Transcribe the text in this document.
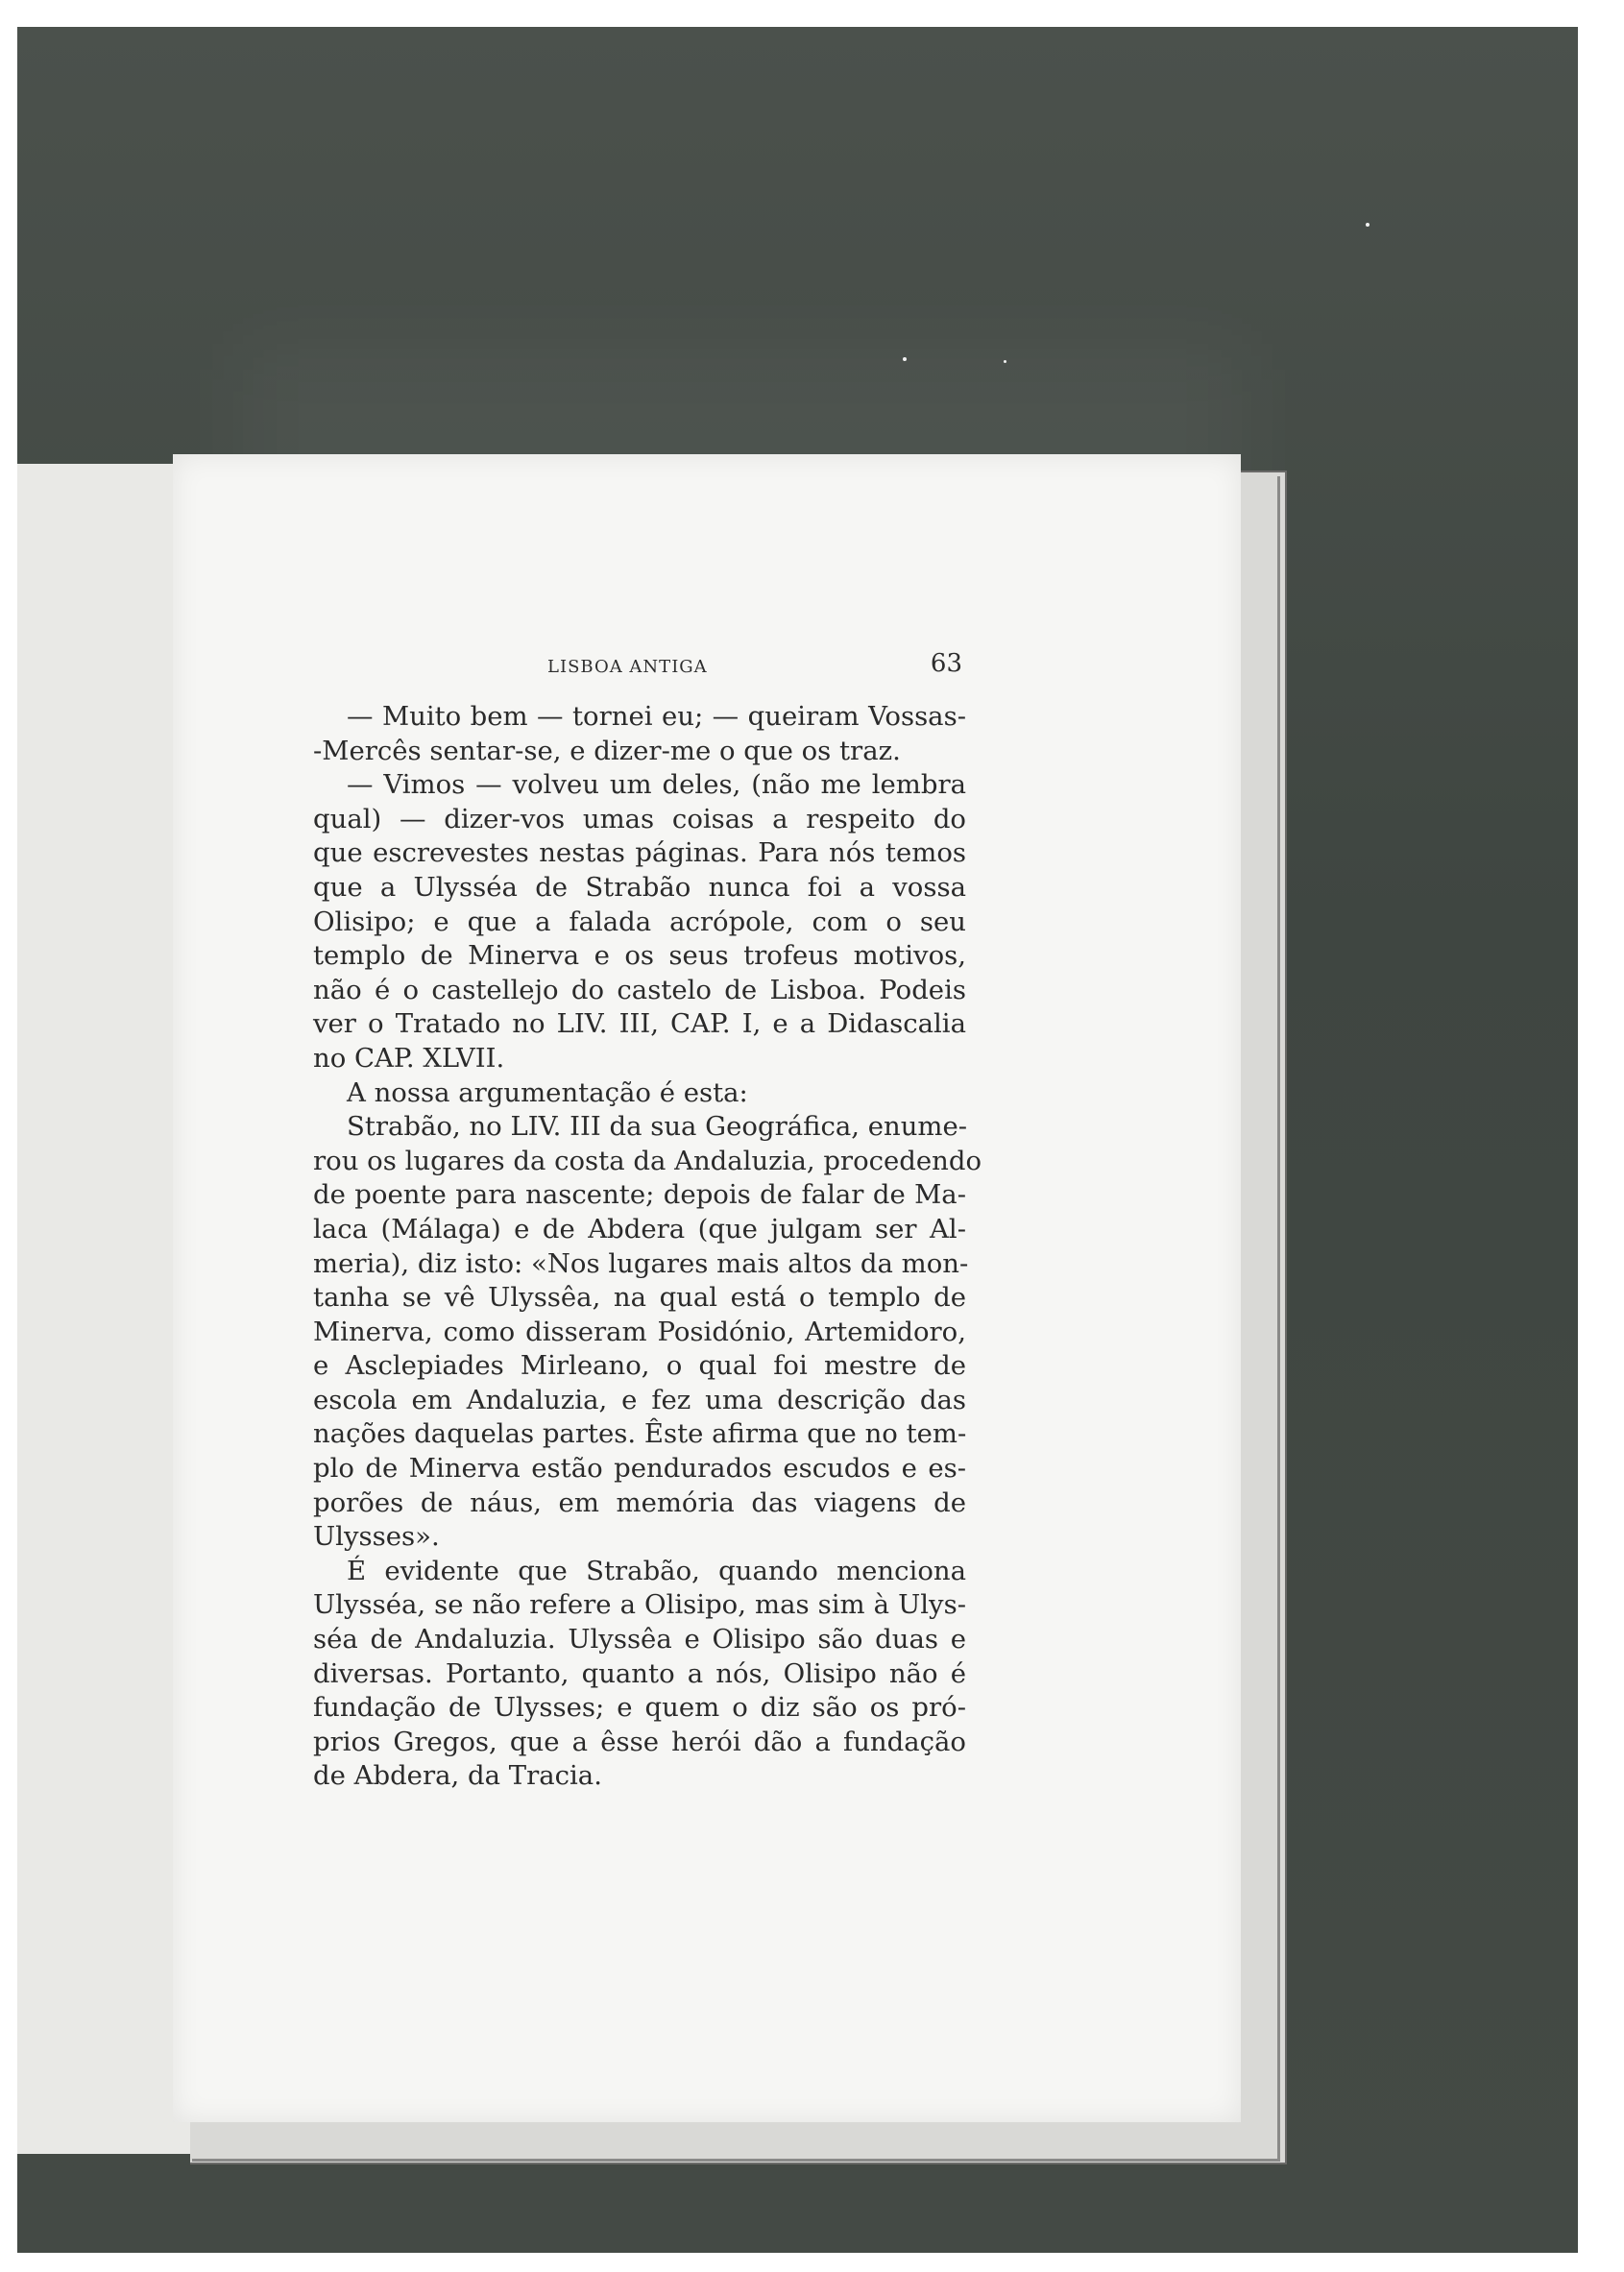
LISBOA ANTIGA	63
— Muito bem — tornei eu; — queiram Vossas-
-Mercês sentar-se, e dizer-me o que os traz.
— Vimos — volveu um deles, (não me lembra
qual) — dizer-vos umas coisas a respeito do
que escrevestes nestas páginas. Para nós temos
que a Ulysséa de Strabão nunca foi a vossa
Olisipo; e que a falada acrópole, com o seu
templo de Minerva e os seus trofeus motivos,
não é o castellejo do castelo de Lisboa. Podeis
ver o Tratado no LIV. III, CAP. I, e a Didascalia
no CAP. XLVII.
A nossa argumentação é esta:
Strabão, no LIV. III da sua Geográfica, enume-
rou os lugares da costa da Andaluzia, procedendo
de poente para nascente; depois de falar de Ma-
laca (Málaga) e de Abdera (que julgam ser Al-
meria), diz isto: «Nos lugares mais altos da mon-
tanha se vê Ulyssêa, na qual está o templo de
Minerva, como disseram Posidónio, Artemidoro,
e Asclepiades Mirleano, o qual foi mestre de
escola em Andaluzia, e fez uma descrição das
nações daquelas partes. Êste afirma que no tem-
plo de Minerva estão pendurados escudos e es-
porões de náus, em memória das viagens de
Ulysses».
É evidente que Strabão, quando menciona
Ulysséa, se não refere a Olisipo, mas sim à Ulys-
séa de Andaluzia. Ulyssêa e Olisipo são duas e
diversas. Portanto, quanto a nós, Olisipo não é
fundação de Ulysses; e quem o diz são os pró-
prios Gregos, que a êsse herói dão a fundação
de Abdera, da Tracia.
